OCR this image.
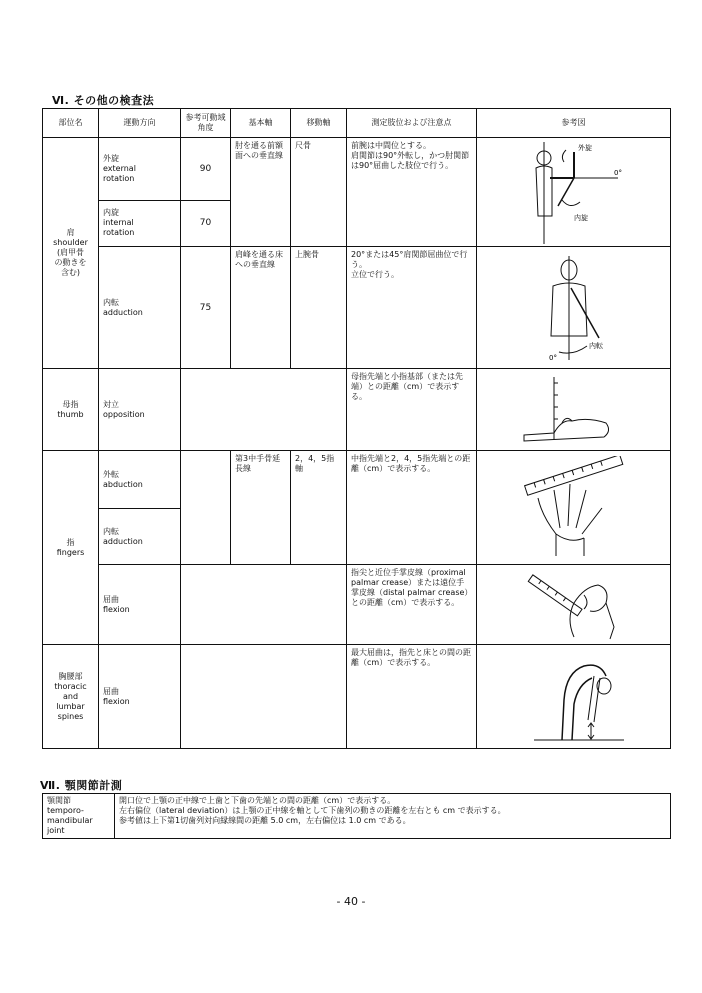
Ⅵ. その他の検査法
部位名	運動方向	参考可動域角度	基本軸	移動軸	測定肢位および注意点	参考図

肩
shoulder
(肩甲骨
の動きを
含む)	外旋
external
rotation	90	肘を通る前額面への垂直線	尺骨	前腕は中間位とする。
肩関節は90°外転し，かつ肘関節は90°屈曲した肢位で行う。	外旋
0°
内旋

	内旋
internal
rotation	70				

	内転
adduction	75	肩峰を通る床への垂直線	上腕骨	20°または45°肩関節屈曲位で行う。
立位で行う。	内転
0°

母指
thumb	対立
opposition				母指先端と小指基部（または先端）との距離（cm）で表示する。	

指
fingers	外転
abduction		第3中手骨延長線	2，4，5指軸	中指先端と2，4，5指先端との距離（cm）で表示する。	

	内転
adduction					

	屈曲
flexion				指尖と近位手掌皮線（proximal palmar crease）または遠位手掌皮線（distal palmar crease）との距離（cm）で表示する。	

胸腰部
thoracic
and
lumbar
spines	屈曲
flexion				最大屈曲は，指先と床との間の距離（cm）で表示する。	
Ⅶ. 顎関節計測
顎関節
temporo-
mandibular
joint

開口位で上顎の正中線で上歯と下歯の先端との間の距離（cm）で表示する。
左右偏位（lateral deviation）は上顎の正中線を軸として下歯列の動きの距離を左右とも cm で表示する。
参考値は上下第1切歯列対向縁線間の距離 5.0 cm，左右偏位は 1.0 cm である。
- 40 -
